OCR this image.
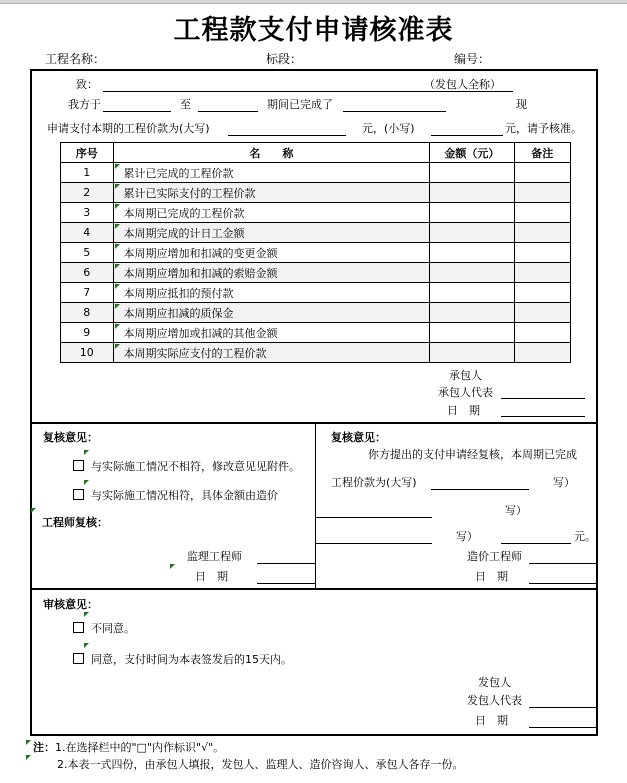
工程款支付申请核准表
工程名称：	标段：	编号：
致：	（发包人全称）
我方于	至	期间已完成了	现
申请支付本期的工程价款为(大写)	元，(小写)	元，请予核准。
序号	名　　称	金额（元）	备注
1	累计已完成的工程价款		
2	累计已实际支付的工程价款		
3	本周期已完成的工程价款		
4	本周期完成的计日工金额		
5	本周期应增加和扣减的变更金额		
6	本周期应增加和扣减的索赔金额		
7	本周期应抵扣的预付款		
8	本周期应扣减的质保金		
9	本周期应增加或扣减的其他金额		
10	本周期实际应支付的工程价款		
承包人
承包人代表
日　期
复核意见：
与实际施工情况不相符，修改意见见附件。
与实际施工情况相符，具体金额由造价
工程师复核：
监理工程师
日　期
复核意见：
你方提出的支付申请经复核，本周期已完成
工程价款为(大写)	写）
写）
写）	元。
造价工程师
日　期
审核意见：
不同意。
同意，支付时间为本表签发后的15天内。
发包人
发包人代表
日　期
注：1.在选择栏中的"□"内作标识"√"。
2.本表一式四份，由承包人填报，发包人、监理人、造价咨询人、承包人各存一份。
